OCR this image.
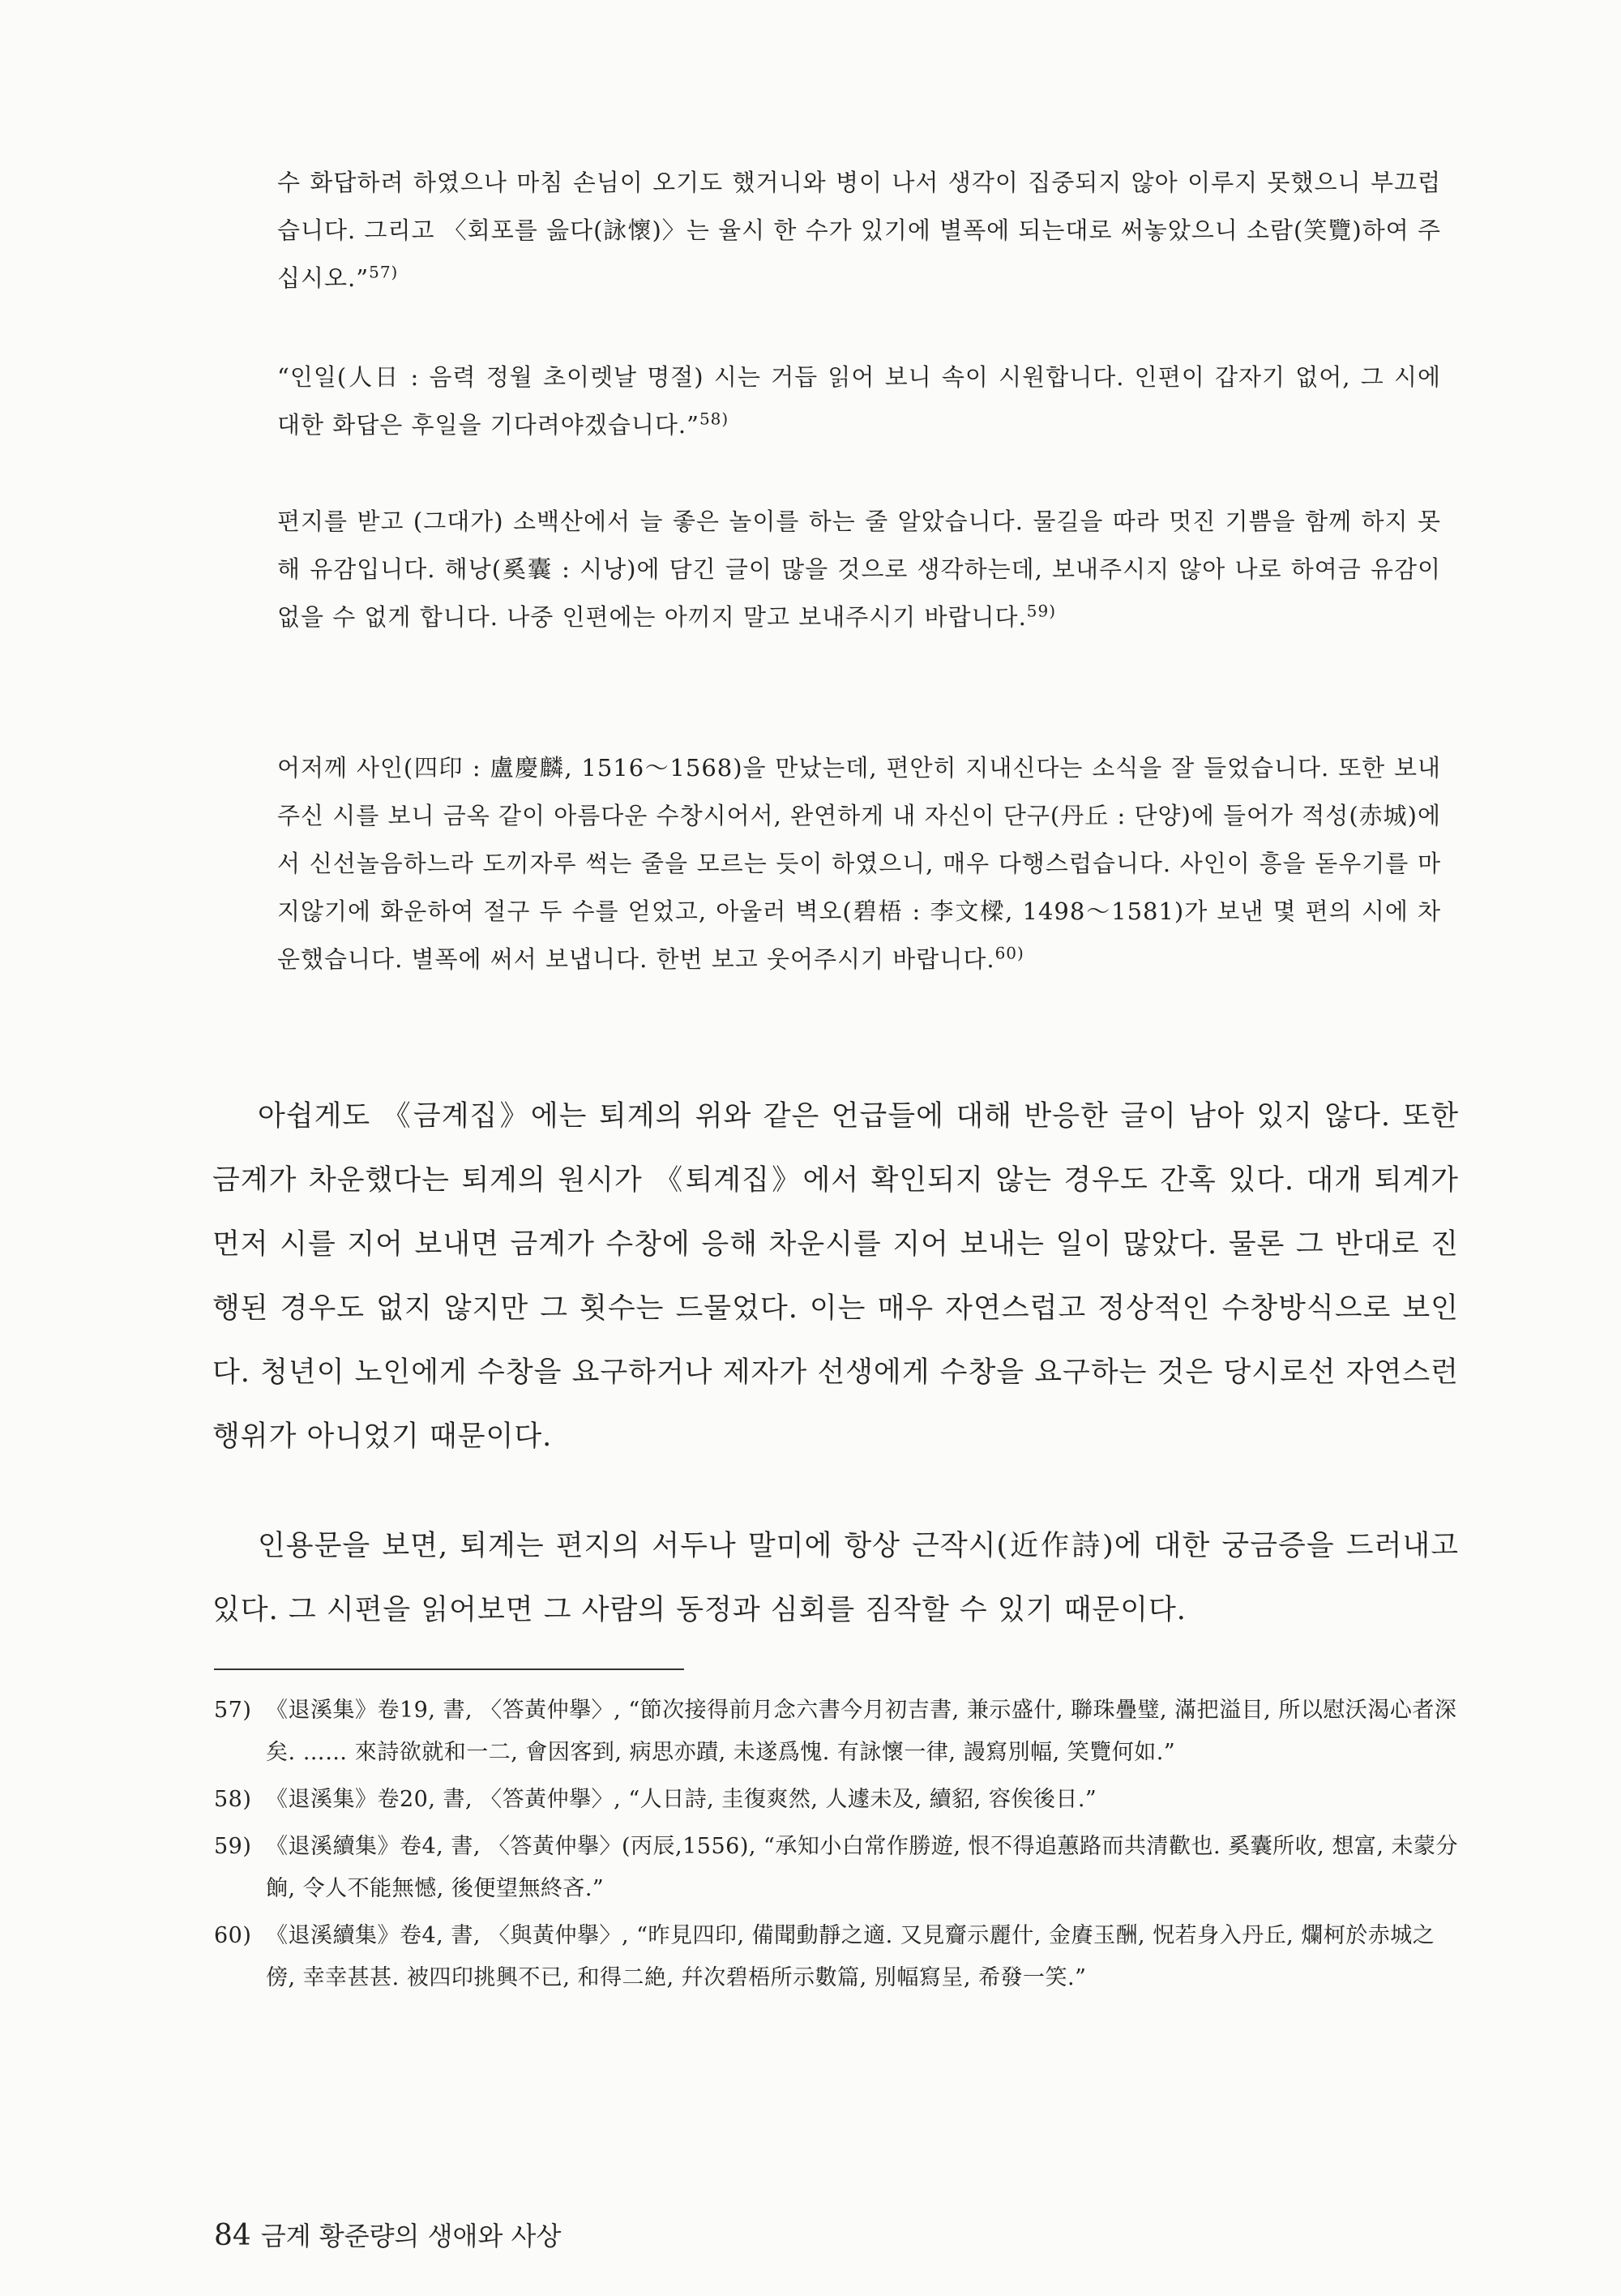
수 화답하려 하였으나 마침 손님이 오기도 했거니와 병이 나서 생각이 집중되지 않아 이루지 못했으니 부끄럽습니다. 그리고 〈회포를 읊다(詠懷)〉는 율시 한 수가 있기에 별폭에 되는대로 써놓았으니 소람(笑覽)하여 주십시오.”$^{57)}$

“인일(人日 : 음력 정월 초이렛날 명절) 시는 거듭 읽어 보니 속이 시원합니다. 인편이 갑자기 없어, 그 시에 대한 화답은 후일을 기다려야겠습니다.”$^{58)}$

편지를 받고 (그대가) 소백산에서 늘 좋은 놀이를 하는 줄 알았습니다. 물길을 따라 멋진 기쁨을 함께 하지 못해 유감입니다. 해낭(奚囊 : 시낭)에 담긴 글이 많을 것으로 생각하는데, 보내주시지 않아 나로 하여금 유감이 없을 수 없게 합니다. 나중 인편에는 아끼지 말고 보내주시기 바랍니다.$^{59)}$

어저께 사인(四印 : 盧慶麟, 1516～1568)을 만났는데, 편안히 지내신다는 소식을 잘 들었습니다. 또한 보내주신 시를 보니 금옥 같이 아름다운 수창시어서, 완연하게 내 자신이 단구(丹丘 : 단양)에 들어가 적성(赤城)에서 신선놀음하느라 도끼자루 썩는 줄을 모르는 듯이 하였으니, 매우 다행스럽습니다. 사인이 흥을 돋우기를 마지않기에 화운하여 절구 두 수를 얻었고, 아울러 벽오(碧梧 : 李文樑, 1498～1581)가 보낸 몇 편의 시에 차운했습니다. 별폭에 써서 보냅니다. 한번 보고 웃어주시기 바랍니다.$^{60)}$

아쉽게도 《금계집》에는 퇴계의 위와 같은 언급들에 대해 반응한 글이 남아 있지 않다. 또한 금계가 차운했다는 퇴계의 원시가 《퇴계집》에서 확인되지 않는 경우도 간혹 있다. 대개 퇴계가 먼저 시를 지어 보내면 금계가 수창에 응해 차운시를 지어 보내는 일이 많았다. 물론 그 반대로 진행된 경우도 없지 않지만 그 횟수는 드물었다. 이는 매우 자연스럽고 정상적인 수창방식으로 보인다. 청년이 노인에게 수창을 요구하거나 제자가 선생에게 수창을 요구하는 것은 당시로선 자연스런 행위가 아니었기 때문이다.

인용문을 보면, 퇴계는 편지의 서두나 말미에 항상 근작시(近作詩)에 대한 궁금증을 드러내고 있다. 그 시편을 읽어보면 그 사람의 동정과 심회를 짐작할 수 있기 때문이다.

57) 《退溪集》卷19, 書, 〈答黃仲擧〉, “節次接得前月念六書今月初吉書, 兼示盛什, 聯珠疊璧, 滿把溢目, 所以慰沃渴心者深矣. …… 來詩欲就和一二, 會因客到, 病思亦蹟, 未遂爲愧. 有詠懷一律, 謾寫別幅, 笑覽何如.”

58) 《退溪集》卷20, 書, 〈答黃仲擧〉, “人日詩, 圭復爽然, 人遽未及, 續貂, 容俟後日.”

59) 《退溪續集》卷4, 書, 〈答黃仲擧〉(丙辰,1556), “承知小白常作勝遊, 恨不得追蕙路而共清歡也. 奚囊所收, 想富, 未蒙分餉, 令人不能無憾, 後便望無終吝.”

60) 《退溪續集》卷4, 書, 〈與黃仲擧〉, “昨見四印, 備聞動靜之適. 又見齎示麗什, 金賡玉酬, 怳若身入丹丘, 爛柯於赤城之傍, 幸幸甚甚. 被四印挑興不已, 和得二絶, 幷次碧梧所示數篇, 別幅寫呈, 希發一笑.”

84 금계 황준량의 생애와 사상
